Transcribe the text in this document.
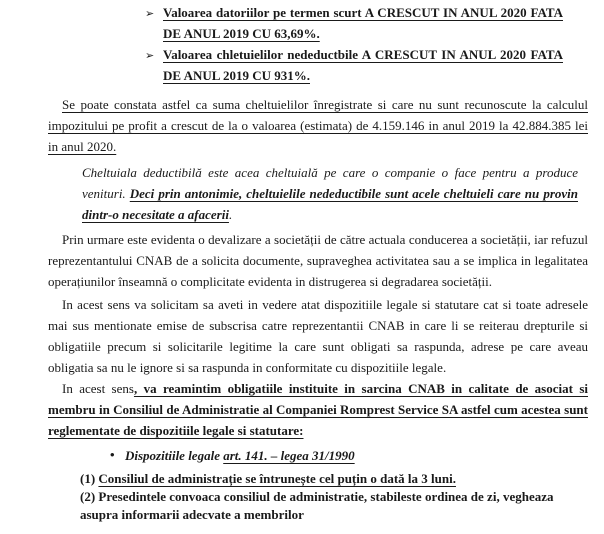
➢ Valoarea datoriilor pe termen scurt A CRESCUT IN ANUL 2020 FATA DE ANUL 2019 CU 63,69%.
➢ Valoarea chletuielilor nedeductbile A CRESCUT IN ANUL 2020 FATA DE ANUL 2019 CU 931%.

Se poate constata astfel ca suma cheltuielilor înregistrate si care nu sunt recunoscute la calculul impozitului pe profit a crescut de la o valoarea (estimata) de 4.159.146 in anul 2019 la 42.884.385 lei in anul 2020.

Cheltuiala deductibilă este acea cheltuială pe care o companie o face pentru a produce venituri. Deci prin antonimie, cheltuielile nedeductibile sunt acele cheltuieli care nu provin dintr-o necesitate a afacerii.

Prin urmare este evidenta o devalizare a societății de către actuala conducerea a societății, iar refuzul reprezentantului CNAB de a solicita documente, supraveghea activitatea sau a se implica in legalitatea operațiunilor înseamnă o complicitate evidenta in distrugerea si degradarea societății.

In acest sens va solicitam sa aveti in vedere atat dispozitiile legale si statutare cat si toate adresele mai sus mentionate emise de subscrisa catre reprezentantii CNAB in care li se reiterau drepturile si obligatiile precum si solicitarile legitime la care sunt obligati sa raspunda, adrese pe care aveau obligatia sa nu le ignore si sa raspunda in conformitate cu dispozitiile legale.

In acest sens, va reamintim obligatiile instituite in sarcina CNAB in calitate de asociat si membru in Consiliul de Administratie al Companiei Romprest Service SA astfel cum acestea sunt reglementate de dispozitiile legale si statutare:

• Dispozitiile legale art. 141. – legea 31/1990

(1) Consiliul de administrație se întrunește cel puțin o dată la 3 luni.

(2) Presedintele convoaca consiliul de administratie, stabileste ordinea de zi, vegheaza asupra informarii adecvate a membrilor
